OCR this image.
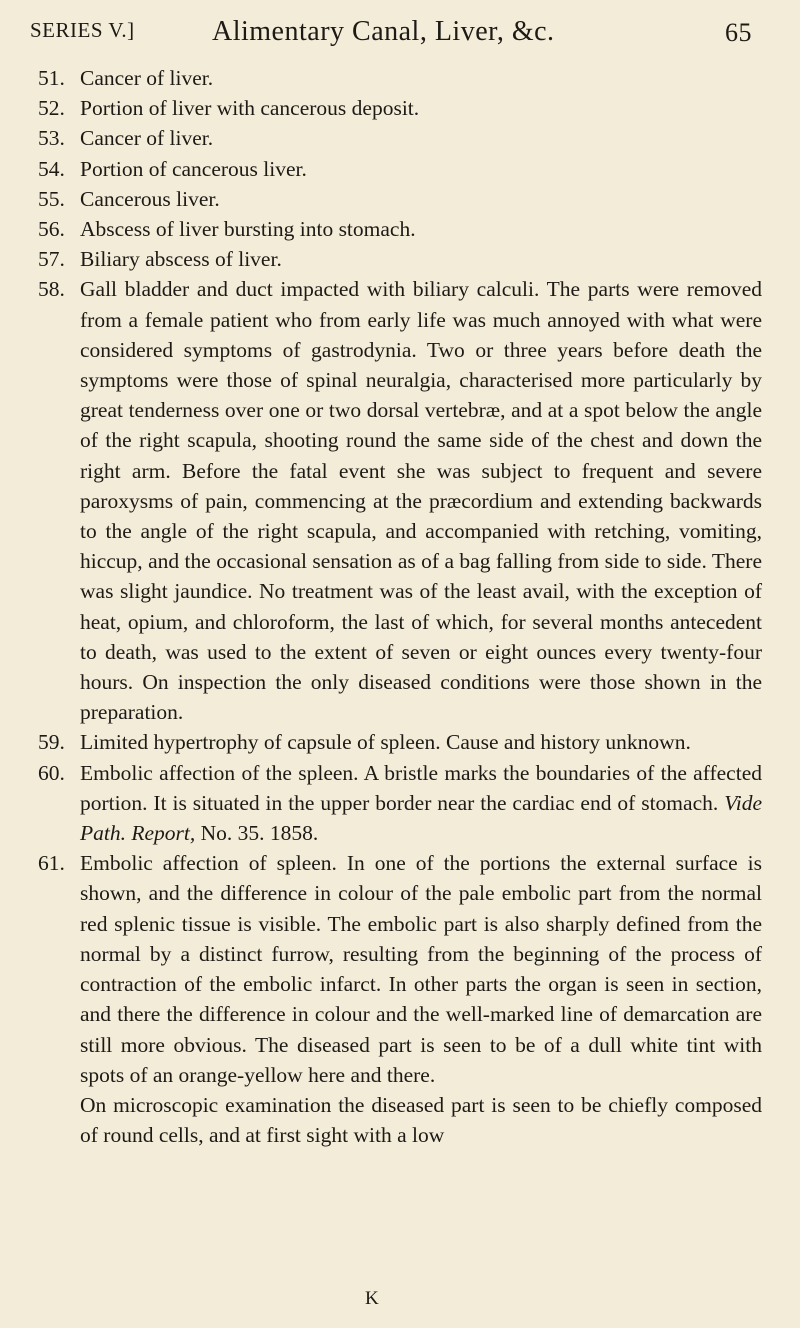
SERIES V.]	Alimentary Canal, Liver, &c.	65
51. Cancer of liver.
52. Portion of liver with cancerous deposit.
53. Cancer of liver.
54. Portion of cancerous liver.
55. Cancerous liver.
56. Abscess of liver bursting into stomach.
57. Biliary abscess of liver.
58. Gall bladder and duct impacted with biliary calculi. The parts were removed from a female patient who from early life was much annoyed with what were considered symptoms of gastrodynia. Two or three years before death the symptoms were those of spinal neuralgia, characterised more particularly by great tenderness over one or two dorsal vertebræ, and at a spot below the angle of the right scapula, shooting round the same side of the chest and down the right arm. Before the fatal event she was subject to frequent and severe paroxysms of pain, commencing at the præcordium and extending backwards to the angle of the right scapula, and accompanied with retching, vomiting, hiccup, and the occasional sensation as of a bag falling from side to side. There was slight jaundice. No treatment was of the least avail, with the exception of heat, opium, and chloroform, the last of which, for several months antecedent to death, was used to the extent of seven or eight ounces every twenty-four hours. On inspection the only diseased conditions were those shown in the preparation.
59. Limited hypertrophy of capsule of spleen. Cause and history unknown.
60. Embolic affection of the spleen. A bristle marks the boundaries of the affected portion. It is situated in the upper border near the cardiac end of stomach. Vide Path. Report, No. 35. 1858.
61. Embolic affection of spleen. In one of the portions the external surface is shown, and the difference in colour of the pale embolic part from the normal red splenic tissue is visible. The embolic part is also sharply defined from the normal by a distinct furrow, resulting from the beginning of the process of contraction of the embolic infarct. In other parts the organ is seen in section, and there the difference in colour and the well-marked line of demarcation are still more obvious. The diseased part is seen to be of a dull white tint with spots of an orange-yellow here and there.
On microscopic examination the diseased part is seen to be chiefly composed of round cells, and at first sight with a low
K
